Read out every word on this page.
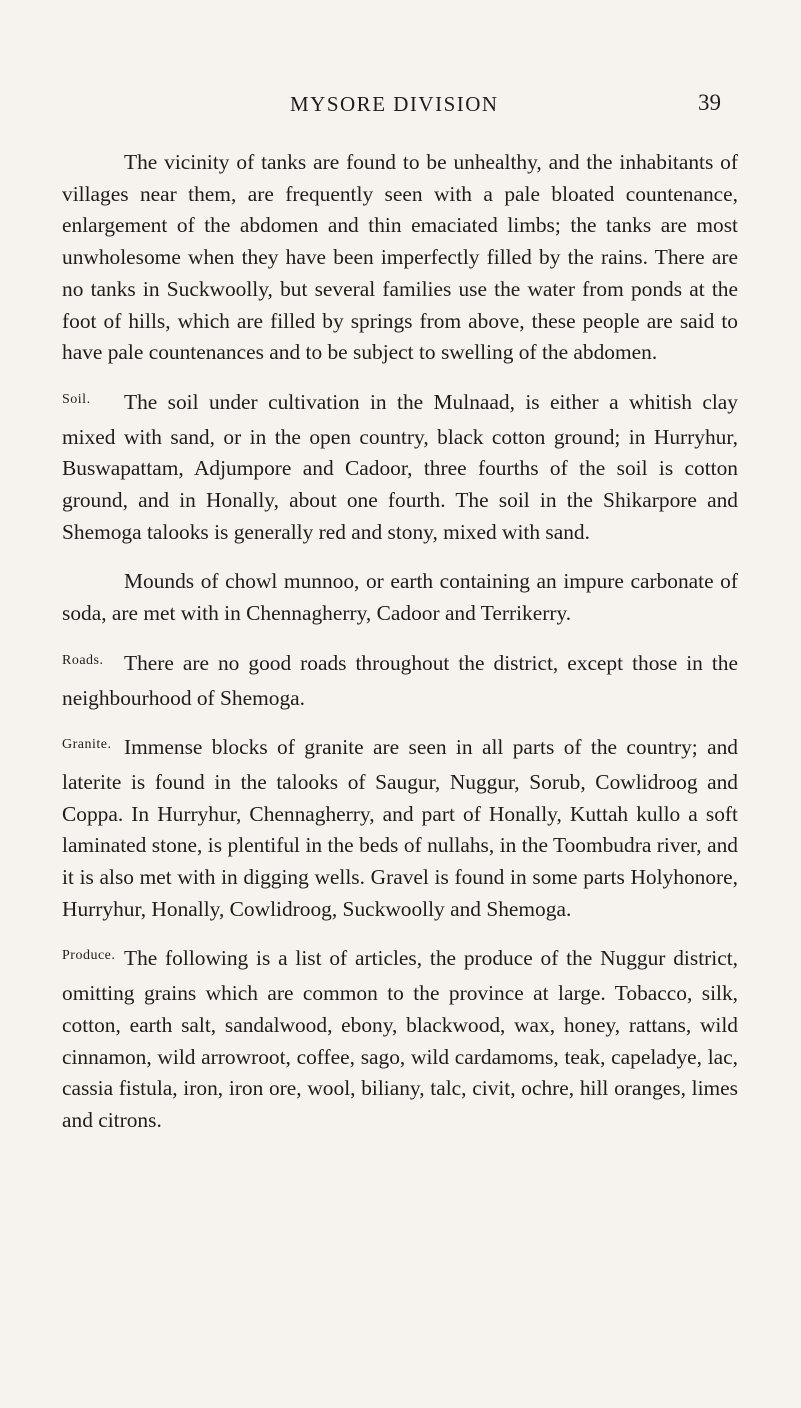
MYSORE DIVISION	39

The vicinity of tanks are found to be unhealthy, and the inhabitants of villages near them, are frequently seen with a pale bloated countenance, enlargement of the abdomen and thin emaciated limbs; the tanks are most unwholesome when they have been imperfectly filled by the rains. There are no tanks in Suckwoolly, but several families use the water from ponds at the foot of hills, which are filled by springs from above, these people are said to have pale countenances and to be subject to swelling of the abdomen.

Soil. The soil under cultivation in the Mulnaad, is either a whitish clay mixed with sand, or in the open country, black cotton ground; in Hurryhur, Buswapattam, Adjumpore and Cadoor, three fourths of the soil is cotton ground, and in Honally, about one fourth. The soil in the Shikarpore and Shemoga talooks is generally red and stony, mixed with sand.

Mounds of chowl munnoo, or earth containing an impure carbonate of soda, are met with in Chennagherry, Cadoor and Terrikerry.

Roads. There are no good roads throughout the district, except those in the neighbourhood of Shemoga.

Granite. Immense blocks of granite are seen in all parts of the country; and laterite is found in the talooks of Saugur, Nuggur, Sorub, Cowlidroog and Coppa. In Hurryhur, Chennagherry, and part of Honally, Kuttah kullo a soft laminated stone, is plentiful in the beds of nullahs, in the Toombudra river, and it is also met with in digging wells. Gravel is found in some parts Holyhonore, Hurryhur, Honally, Cowlidroog, Suckwoolly and Shemoga.

Produce. The following is a list of articles, the produce of the Nuggur district, omitting grains which are common to the province at large. Tobacco, silk, cotton, earth salt, sandalwood, ebony, blackwood, wax, honey, rattans, wild cinnamon, wild arrowroot, coffee, sago, wild cardamoms, teak, capeladye, lac, cassia fistula, iron, iron ore, wool, biliany, talc, civit, ochre, hill oranges, limes and citrons.
